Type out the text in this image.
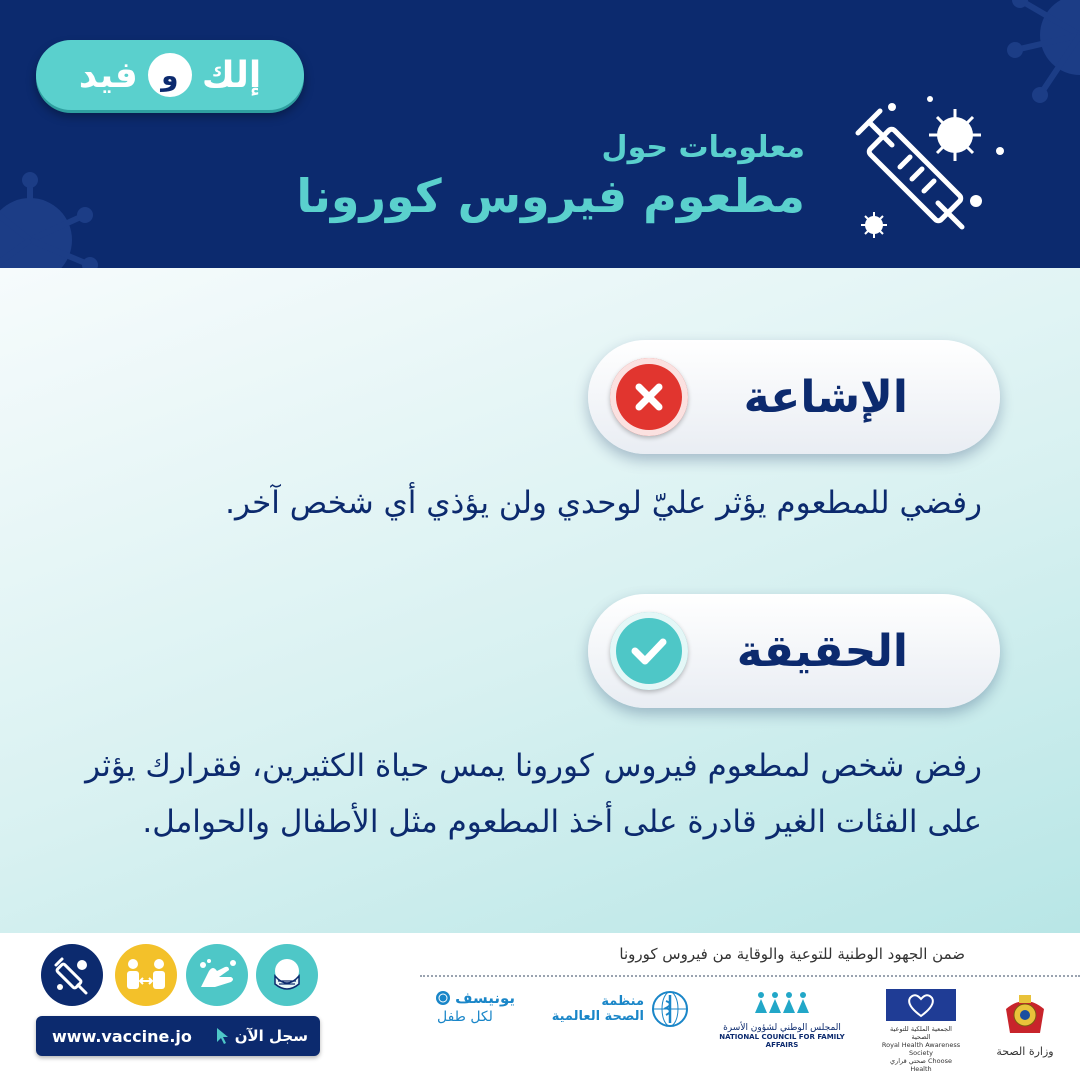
إلك
و
فيد
معلومات حول
مطعوم فيروس كورونا
الإشاعة
رفضي للمطعوم يؤثر عليّ لوحدي ولن يؤذي أي شخص آخر.
الحقيقة
رفض شخص لمطعوم فيروس كورونا يمس حياة الكثيرين، فقرارك يؤثر على الفئات الغير قادرة على أخذ المطعوم مثل الأطفال والحوامل.
ضمن الجهود الوطنية للتوعية والوقاية من فيروس كورونا
www.vaccine.jo	سجل الآن
وزارة الصحة
الجمعية الملكية للتوعية الصحية
Royal Health Awareness Society
صحتي قراري Choose Health
المجلس الوطني لشؤون الأسرة
NATIONAL COUNCIL FOR FAMILY AFFAIRS
منظمة
الصحة العالمية
يونيسف
لكل طفل
